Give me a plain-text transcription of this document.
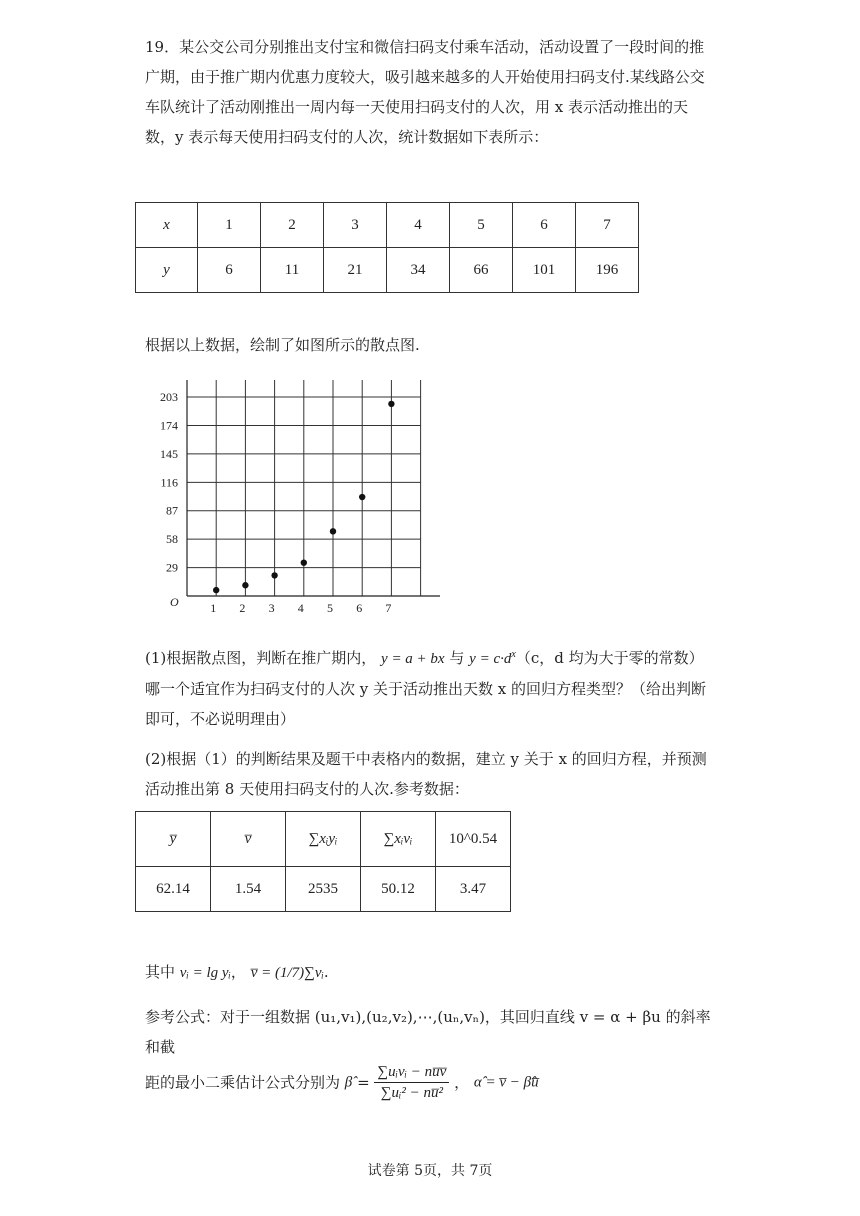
19．某公交公司分别推出支付宝和微信扫码支付乘车活动，活动设置了一段时间的推广期，由于推广期内优惠力度较大，吸引越来越多的人开始使用扫码支付.某线路公交车队统计了活动刚推出一周内每一天使用扫码支付的人次，用 x 表示活动推出的天数，y 表示每天使用扫码支付的人次，统计数据如下表所示：
x	1	2	3	4	5	6	7
y	6	11	21	34	66	101	196
根据以上数据，绘制了如图所示的散点图.
29
58
87
116
145
174
203
1 2 3 4 5 6 7
O
(1)根据散点图，判断在推广期内， y = a + bx 与 $y = c\cdot d^x(c$，d 均为大于零的常数）哪一个适宜作为扫码支付的人次 y 关于活动推出天数 x 的回归方程类型？（给出判断即可，不必说明理由）
(2)根据（1）的判断结果及题干中表格内的数据，建立 y 关于 x 的回归方程，并预测活动推出第 8 天使用扫码支付的人次.参考数据：
y̅	v̅	∑xᵢyᵢ	∑xᵢvᵢ	10^0.54
62.14	1.54	2535	50.12	3.47
其中 vᵢ = lg yᵢ， v̅ = (1/7)∑vᵢ.
参考公式：对于一组数据 (u₁,v₁),(u₂,v₂),⋯,(uₙ,vₙ)，其回归直线 v = α + βu 的斜率和截
距的最小二乘估计公式分别为 β̂ =
∑uᵢvᵢ − nu̅v̅
∑uᵢ² − nu̅²
， α̂ = v̅ − β̂u̅
试卷第 5页，共 7页
